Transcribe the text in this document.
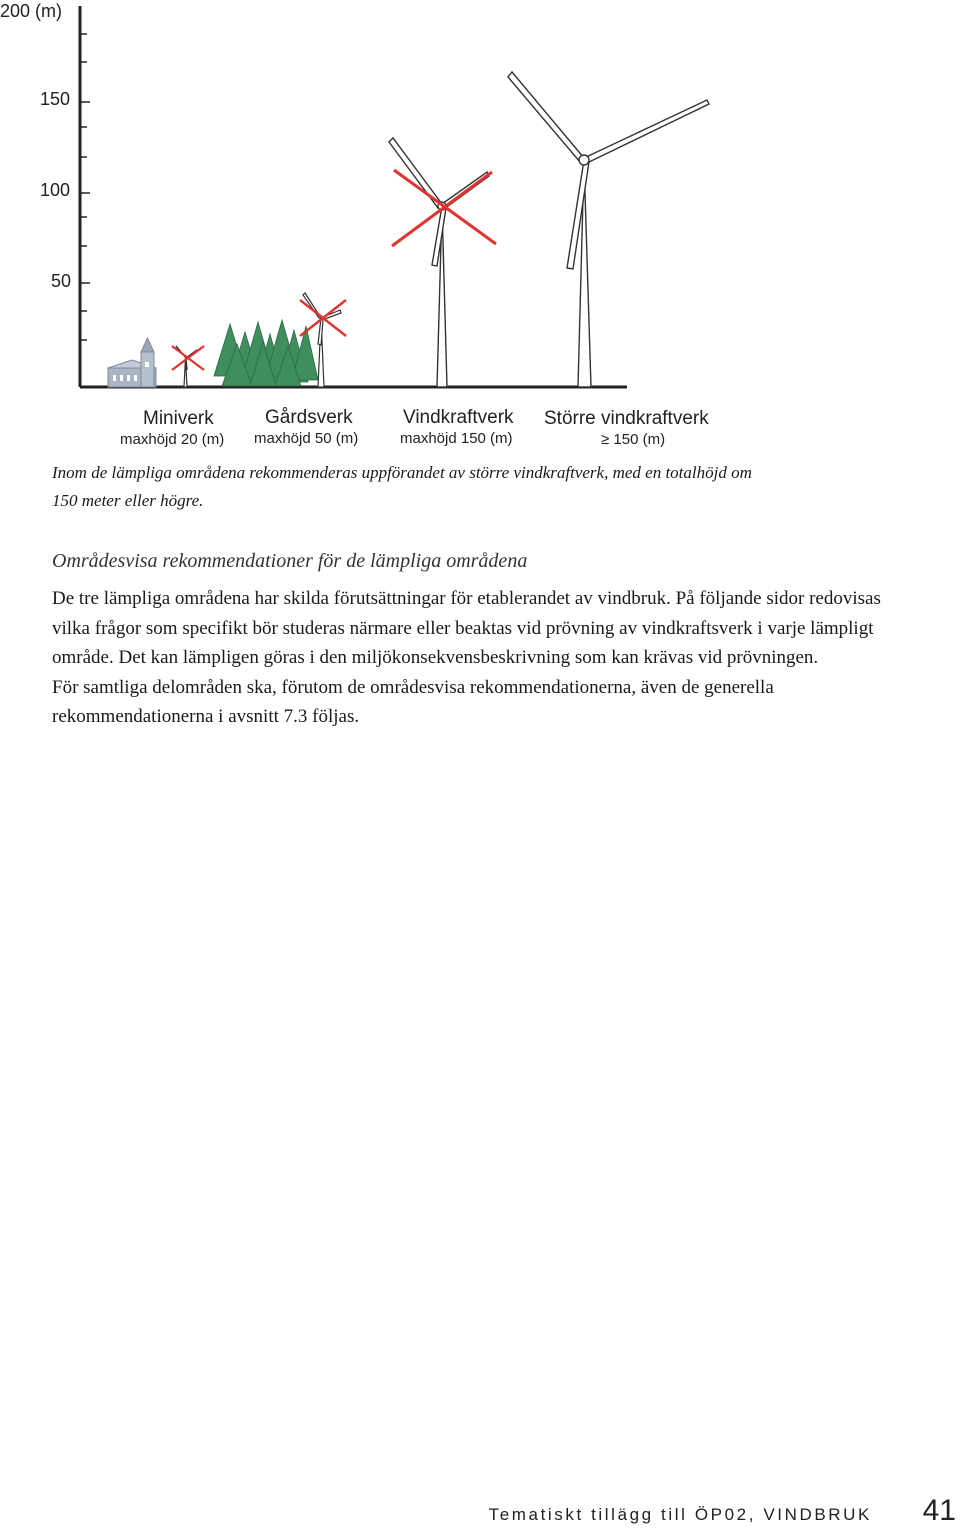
200 (m)
150
100
50
Miniverk
maxhöjd 20 (m)
Gårdsverk
maxhöjd 50 (m)
Vindkraftverk
maxhöjd 150 (m)
Större vindkraftverk
≥ 150 (m)
Inom de lämpliga områdena rekommenderas uppförandet av större vindkraftverk, med en totalhöjd om 150 meter eller högre.
Områdesvisa rekommendationer för de lämpliga områdena

De tre lämpliga områdena har skilda förutsättningar för etablerandet av vindbruk. På följande sidor redovisas vilka frågor som specifikt bör studeras närmare eller beaktas vid prövning av vindkraftsverk i varje lämpligt område. Det kan lämpligen göras i den miljökonsekvensbeskrivning som kan krävas vid prövningen.

För samtliga delområden ska, förutom de områdesvisa rekommendationerna, även de generella rekommendationerna i avsnitt 7.3 följas.

Tematiskt tillägg till ÖP02, VINDBRUK 41
